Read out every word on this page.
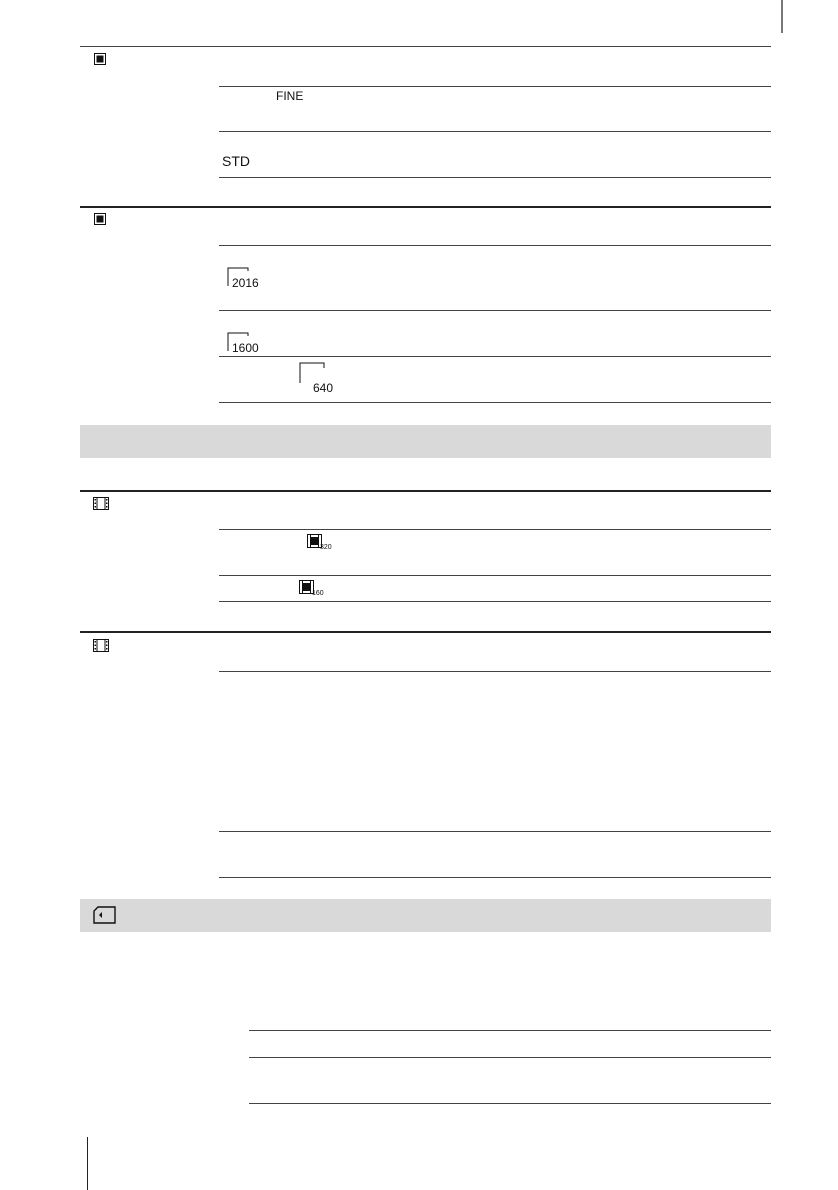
FINE
STD
2016
1600
640
320
160
